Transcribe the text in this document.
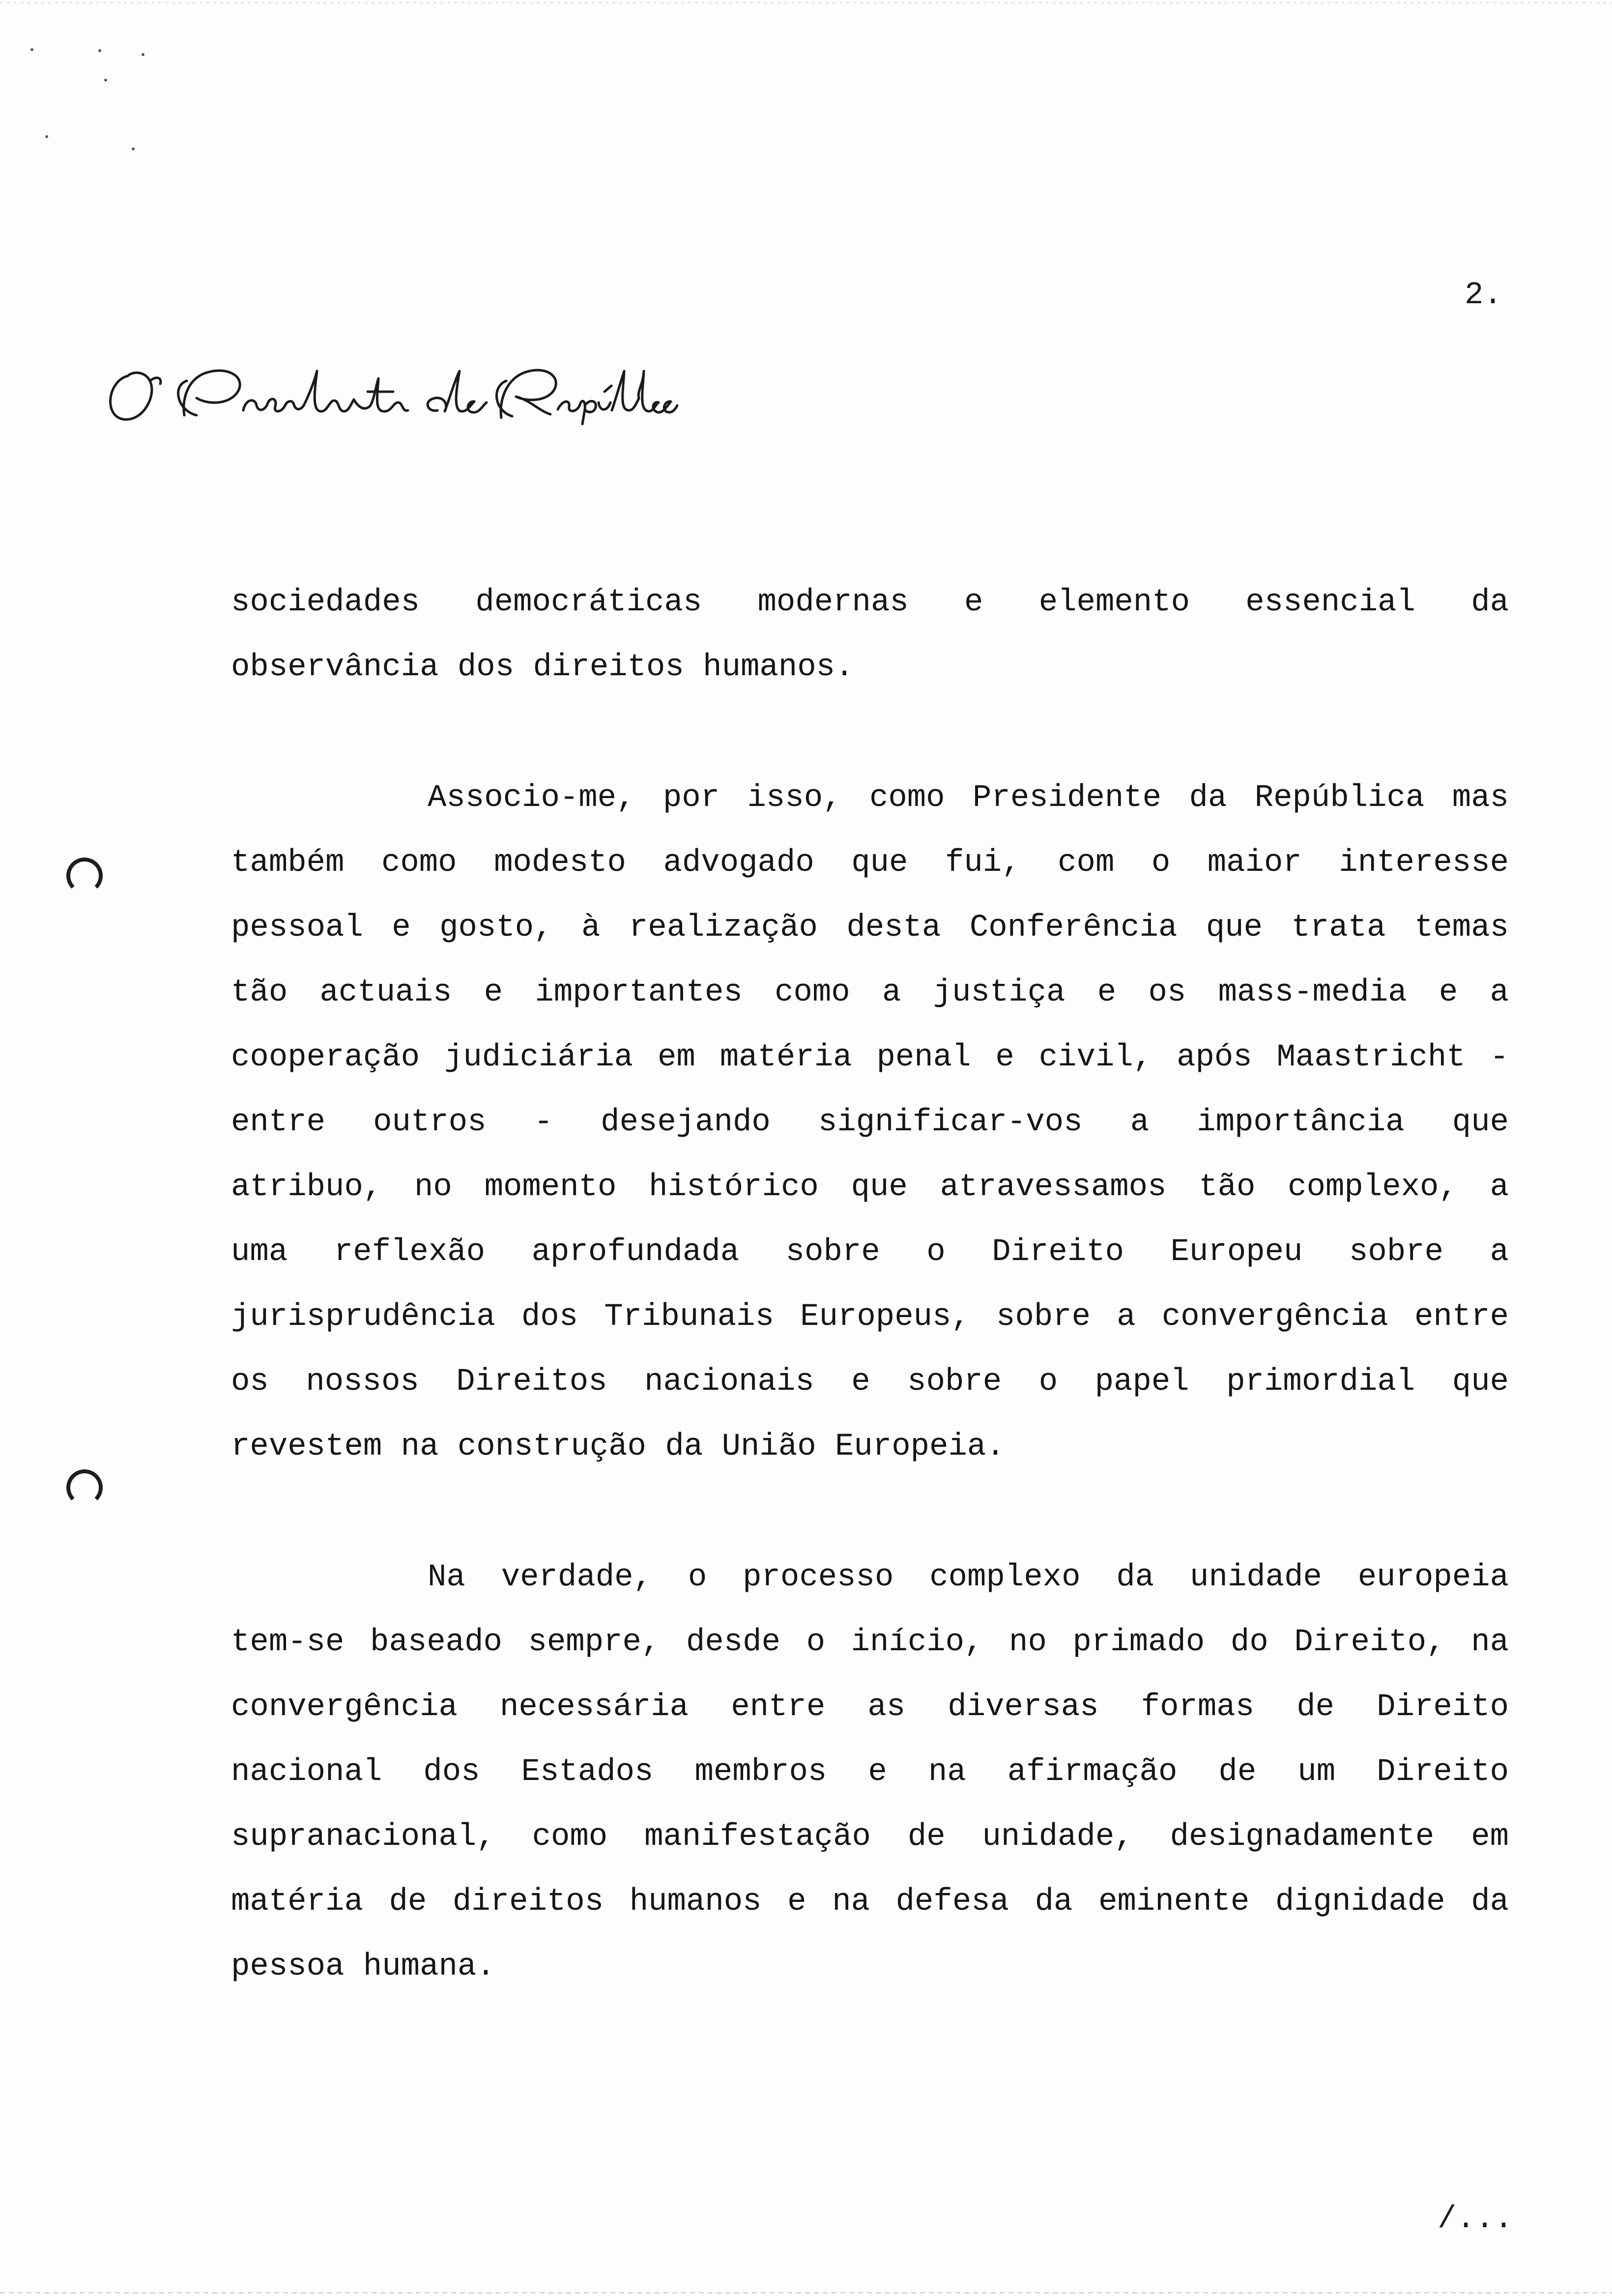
2.

sociedades democráticas modernas e elemento essencial da

observância dos direitos humanos.

Associo-me, por isso, como Presidente da República mas

também como modesto advogado que fui, com o maior interesse

pessoal e gosto, à realização desta Conferência que trata temas

tão actuais e importantes como a justiça e os mass-media e a

cooperação judiciária em matéria penal e civil, após Maastricht -

entre outros - desejando significar-vos a importância que

atribuo, no momento histórico que atravessamos tão complexo, a

uma reflexão aprofundada sobre o Direito Europeu sobre a

jurisprudência dos Tribunais Europeus, sobre a convergência entre

os nossos Direitos nacionais e sobre o papel primordial que

revestem na construção da União Europeia.

Na verdade, o processo complexo da unidade europeia

tem-se baseado sempre, desde o início, no primado do Direito, na

convergência necessária entre as diversas formas de Direito

nacional dos Estados membros e na afirmação de um Direito

supranacional, como manifestação de unidade, designadamente em

matéria de direitos humanos e na defesa da eminente dignidade da

pessoa humana.

/...
